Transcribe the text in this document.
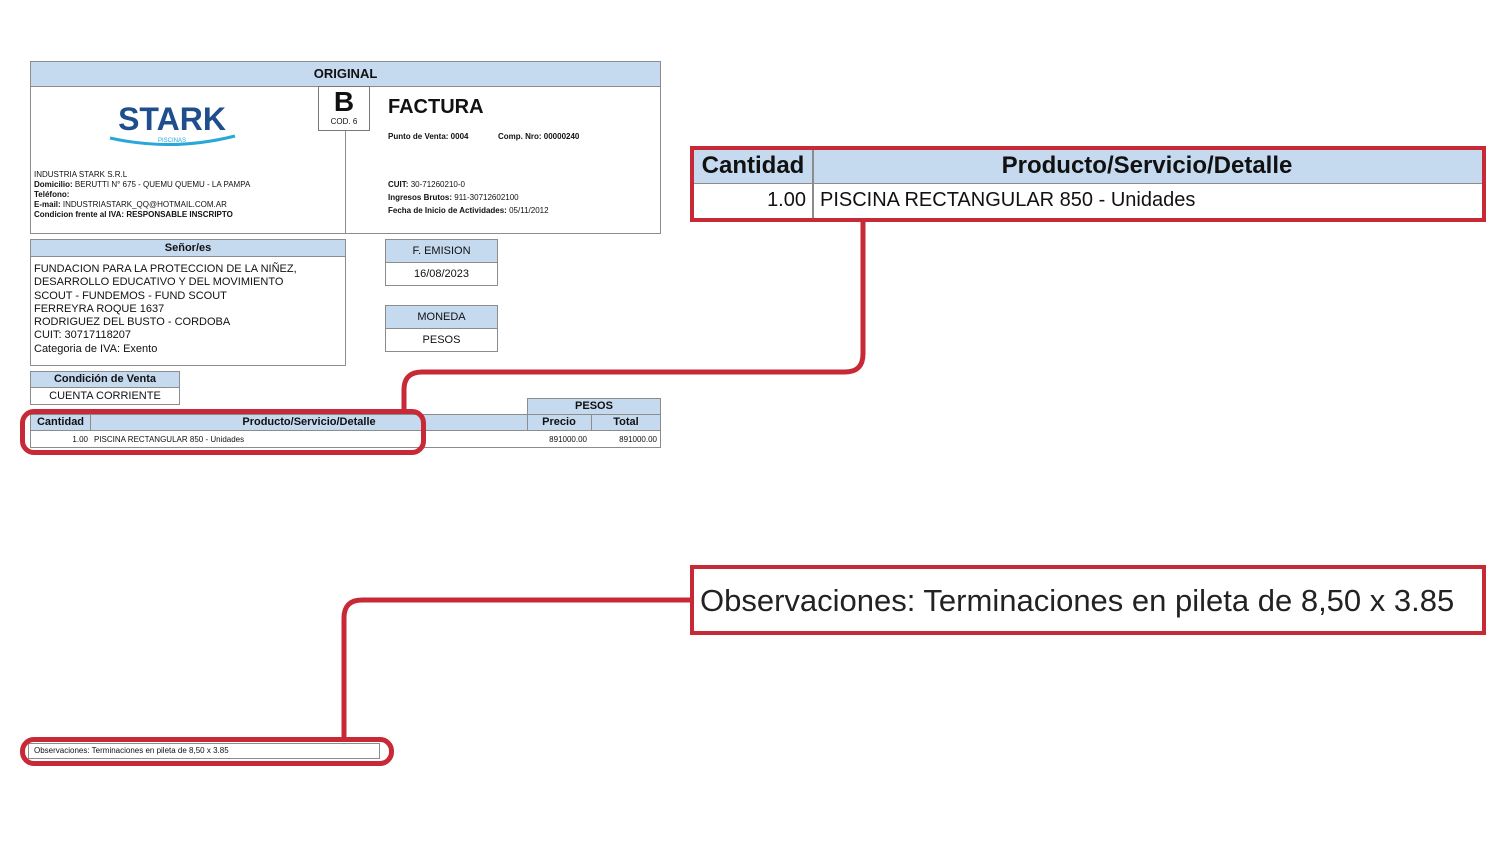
ORIGINAL
STARK
PISCINAS
B
COD. 6
FACTURA
Punto de Venta: 0004	Comp. Nro: 00000240
INDUSTRIA STARK S.R.L
Domicilio: BERUTTI N° 675 - QUEMU QUEMU - LA PAMPA
Teléfono:
E-mail: INDUSTRIASTARK_QQ@HOTMAIL.COM.AR
Condicion frente al IVA: RESPONSABLE INSCRIPTO
CUIT: 30-71260210-0
Ingresos Brutos: 911-30712602100
Fecha de Inicio de Actividades: 05/11/2012
Señor/es
FUNDACION PARA LA PROTECCION DE LA NIÑEZ,
DESARROLLO EDUCATIVO Y DEL MOVIMIENTO
SCOUT - FUNDEMOS - FUND SCOUT
FERREYRA ROQUE 1637
RODRIGUEZ DEL BUSTO - CORDOBA
CUIT: 30717118207
Categoria de IVA: Exento
F. EMISION
16/08/2023
MONEDA
PESOS
Condición de Venta
CUENTA CORRIENTE
PESOS
Cantidad	Producto/Servicio/Detalle	Precio	Total
1.00 PISCINA RECTANGULAR 850 - Unidades	891000.00	891000.00
Observaciones: Terminaciones en pileta de 8,50 x 3.85
Cantidad	Producto/Servicio/Detalle
1.00 PISCINA RECTANGULAR 850 - Unidades
Observaciones: Terminaciones en pileta de 8,50 x 3.85
